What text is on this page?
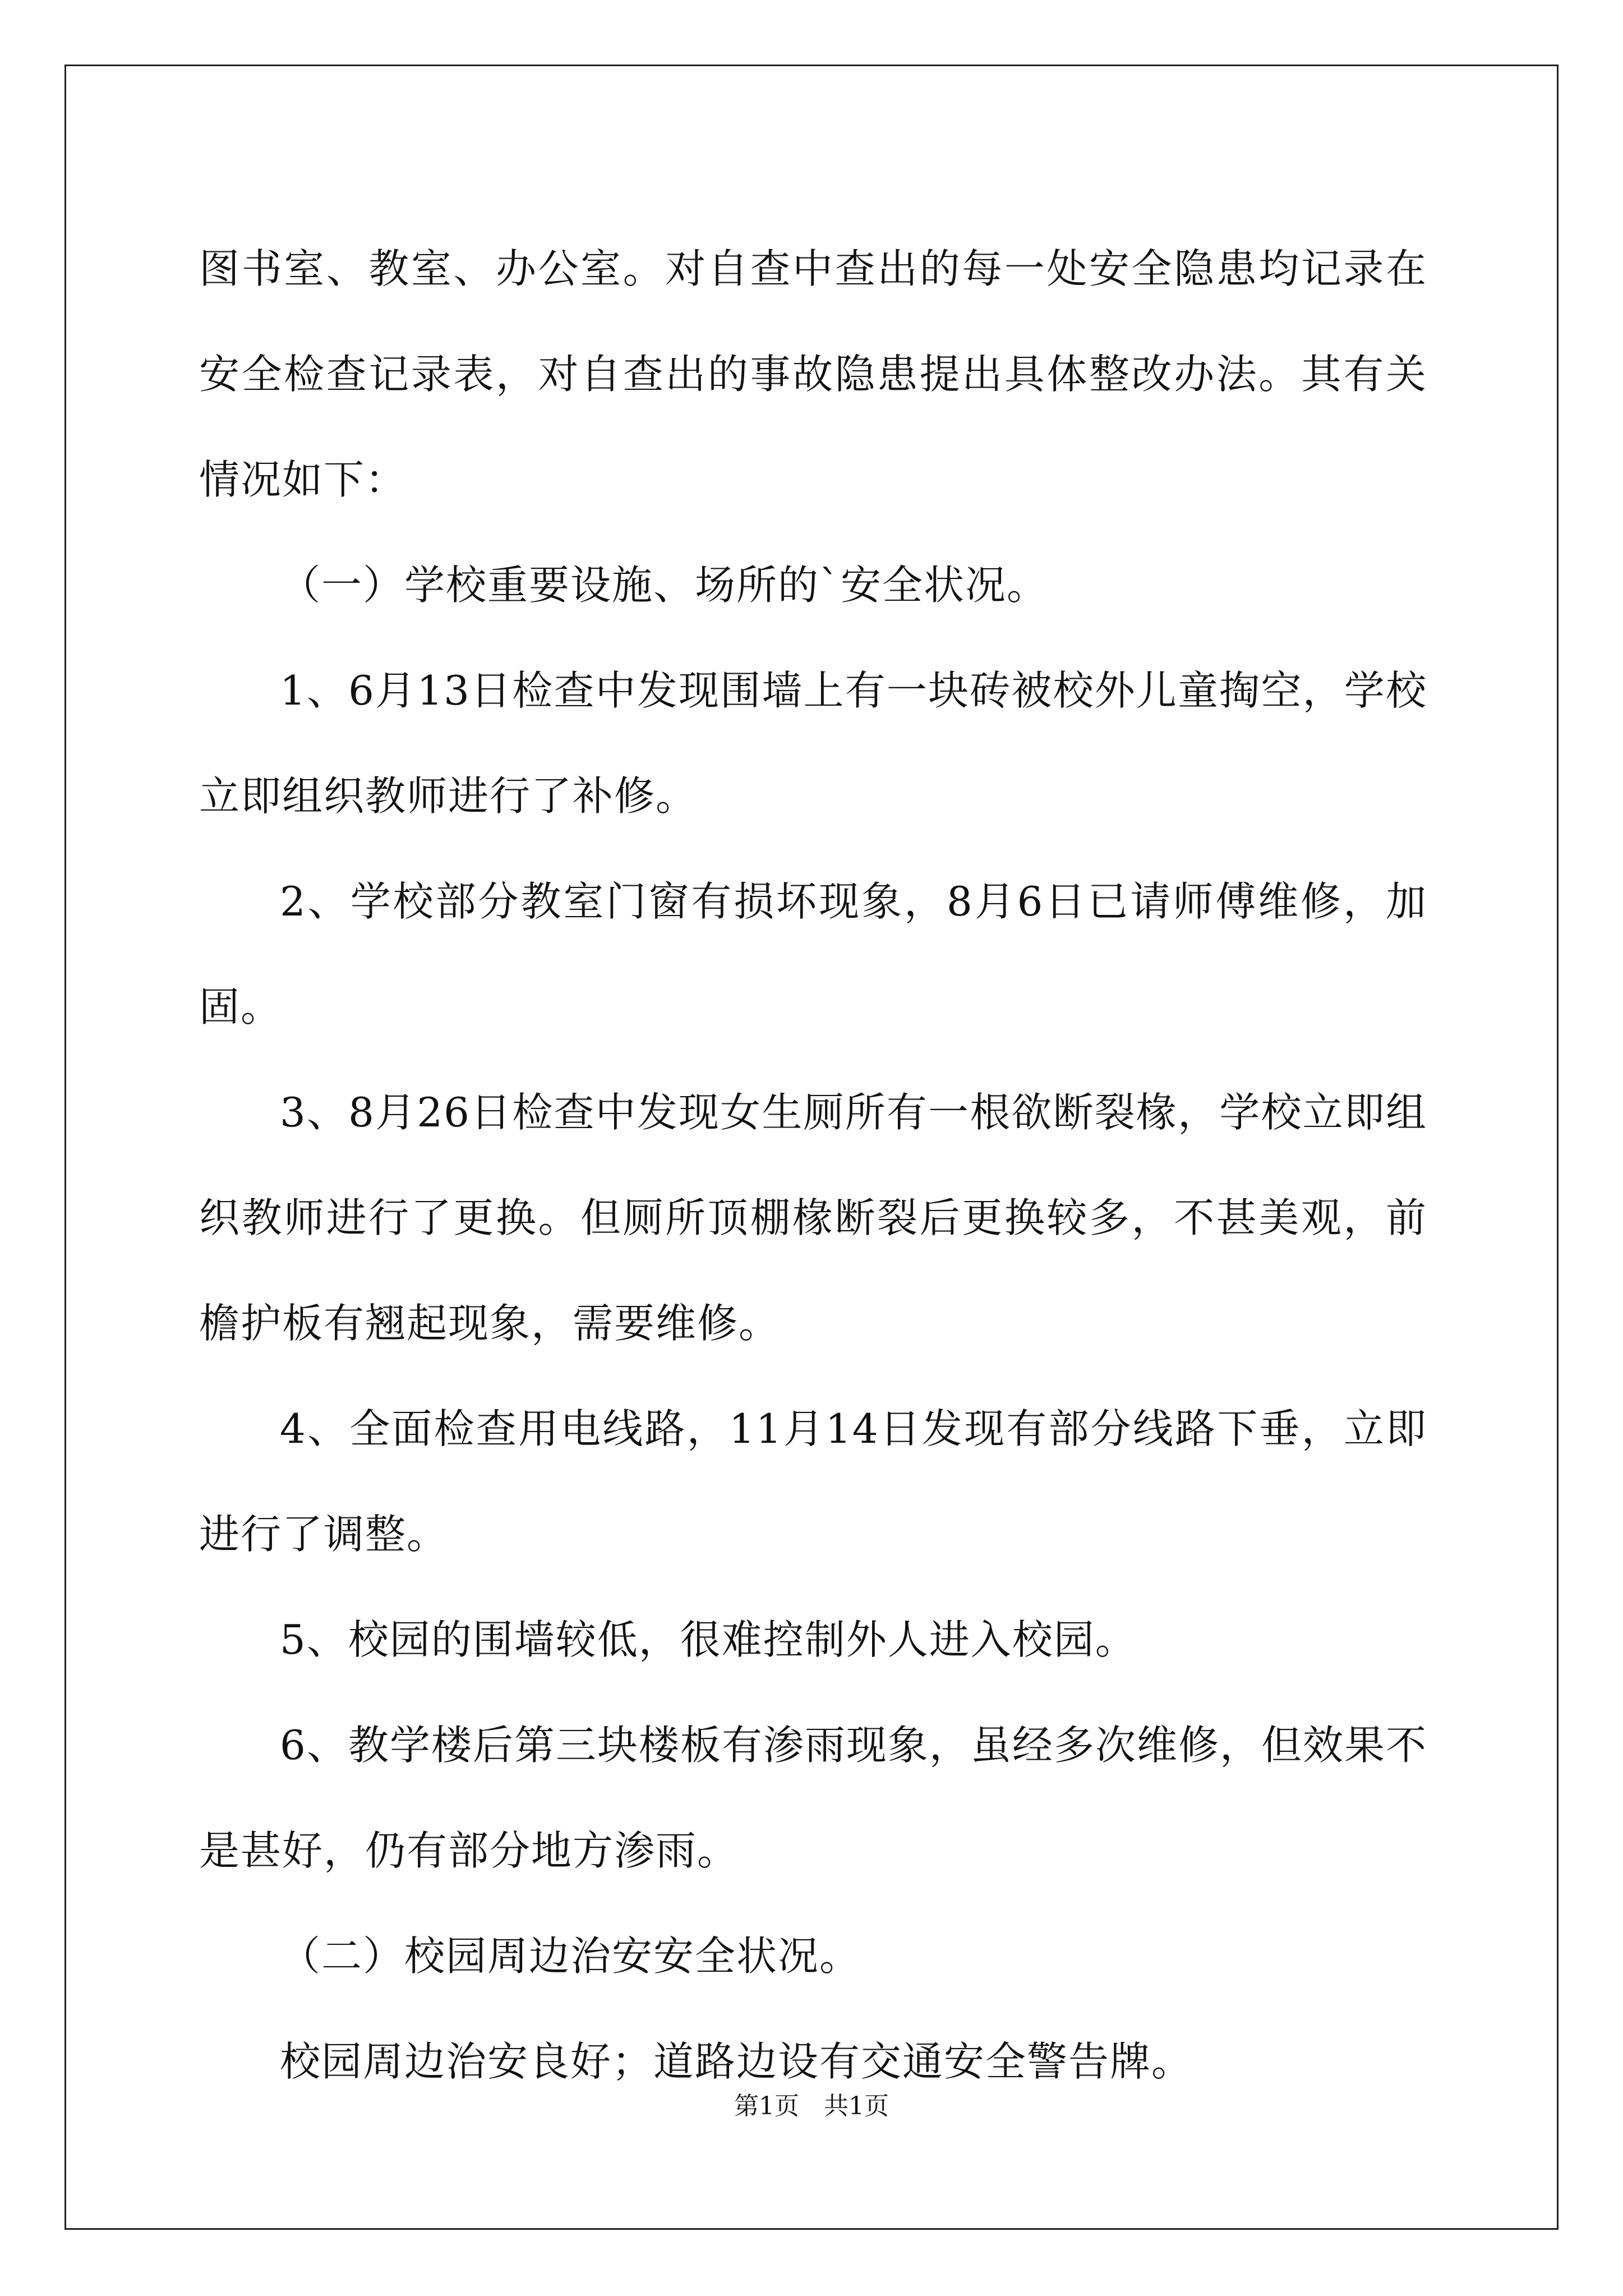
图书室、教室、办公室。对自查中查出的每一处安全隐患均记录在安全检查记录表，对自查出的事故隐患提出具体整改办法。其有关情况如下：

（一）学校重要设施、场所的`安全状况。

1、6月13日检查中发现围墙上有一块砖被校外儿童掏空，学校立即组织教师进行了补修。

2、学校部分教室门窗有损坏现象，8月6日已请师傅维修，加固。

3、8月26日检查中发现女生厕所有一根欲断裂椽，学校立即组织教师进行了更换。但厕所顶棚椽断裂后更换较多，不甚美观，前檐护板有翘起现象，需要维修。

4、全面检查用电线路，11月14日发现有部分线路下垂，立即进行了调整。

5、校园的围墙较低，很难控制外人进入校园。

6、教学楼后第三块楼板有渗雨现象，虽经多次维修，但效果不是甚好，仍有部分地方渗雨。

（二）校园周边治安安全状况。

校园周边治安良好；道路边设有交通安全警告牌。

第1页　共1页
